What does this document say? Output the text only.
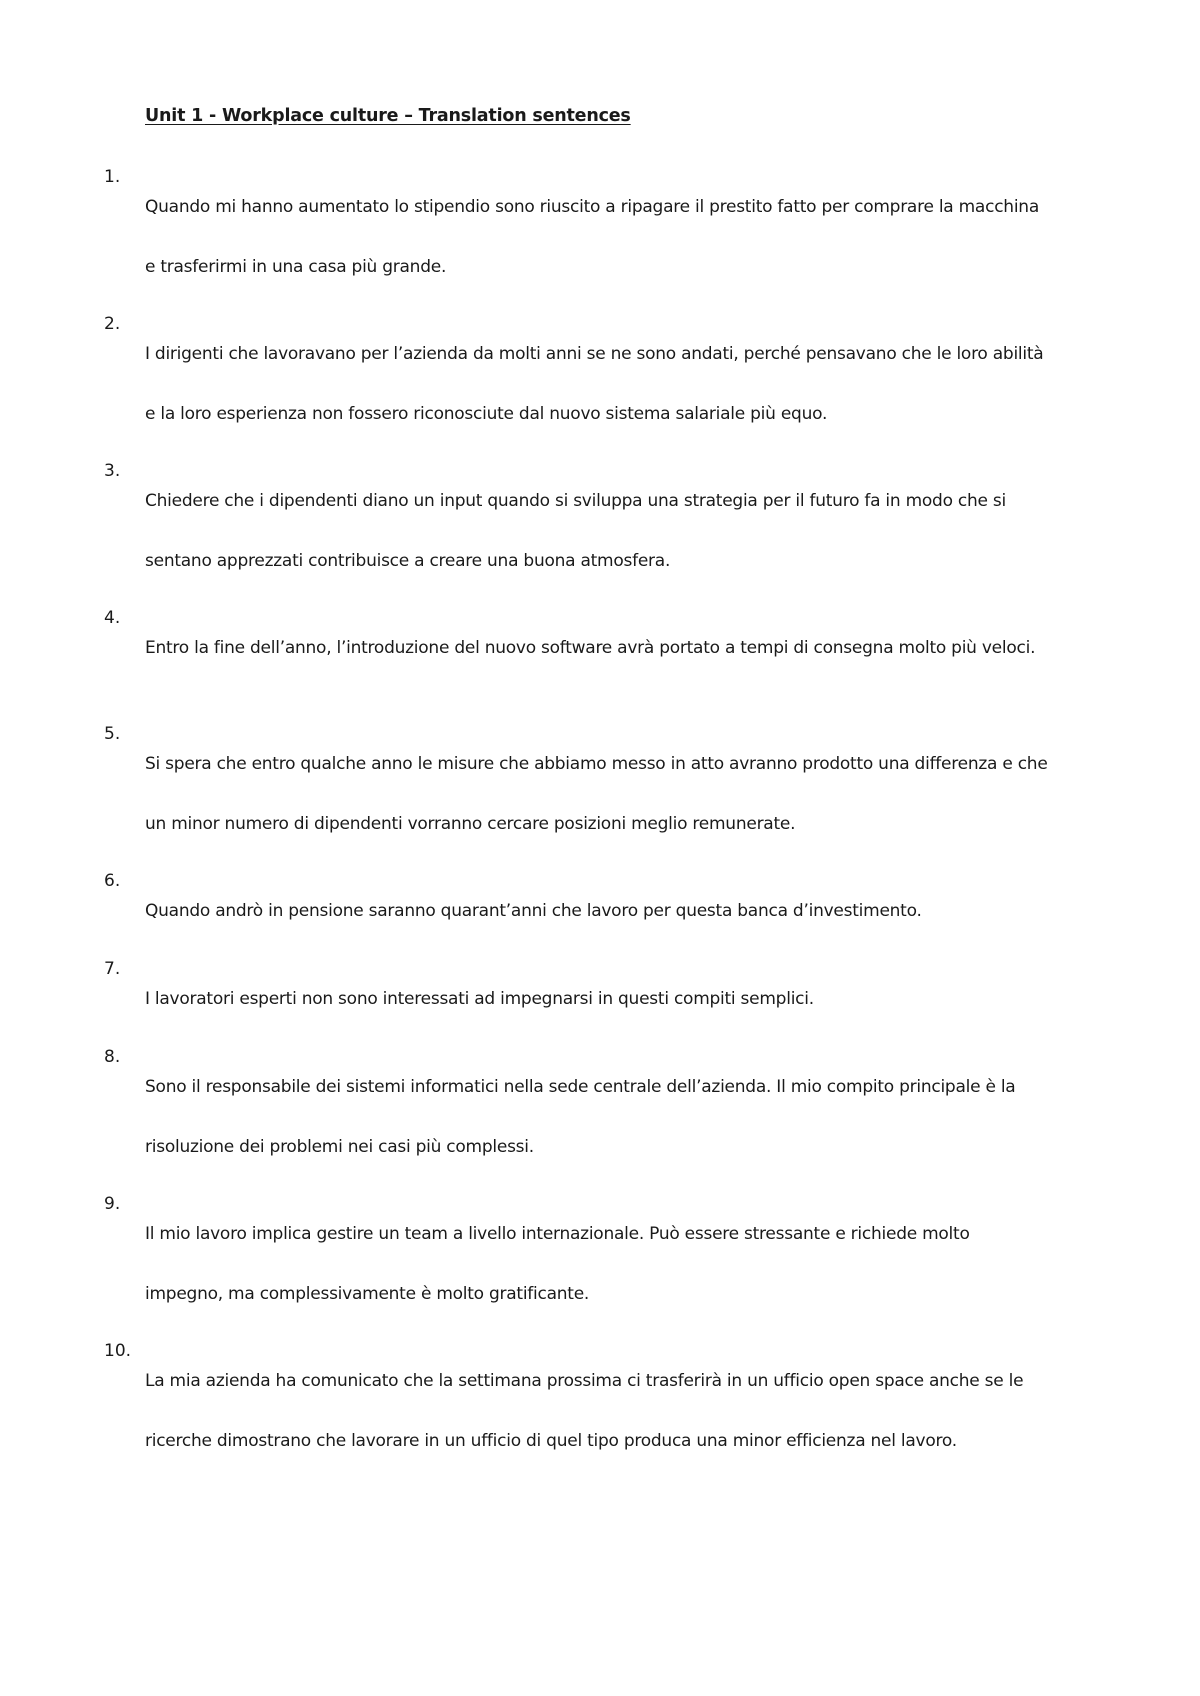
Unit 1 - Workplace culture – Translation sentences
1.

Quando mi hanno aumentato lo stipendio sono riuscito a ripagare il prestito fatto per comprare la macchina

e trasferirmi in una casa più grande.

2.

I dirigenti che lavoravano per l’azienda da molti anni se ne sono andati, perché pensavano che le loro abilità

e la loro esperienza non fossero riconosciute dal nuovo sistema salariale più equo.

3.

Chiedere che i dipendenti diano un input quando si sviluppa una strategia per il futuro fa in modo che si

sentano apprezzati contribuisce a creare una buona atmosfera.

4.

Entro la fine dell’anno, l’introduzione del nuovo software avrà portato a tempi di consegna molto più veloci.

5.

Si spera che entro qualche anno le misure che abbiamo messo in atto avranno prodotto una differenza e che

un minor numero di dipendenti vorranno cercare posizioni meglio remunerate.

6.

Quando andrò in pensione saranno quarant’anni che lavoro per questa banca d’investimento.

7.

I lavoratori esperti non sono interessati ad impegnarsi in questi compiti semplici.

8.

Sono il responsabile dei sistemi informatici nella sede centrale dell’azienda. Il mio compito principale è la

risoluzione dei problemi nei casi più complessi.

9.

Il mio lavoro implica gestire un team a livello internazionale. Può essere stressante e richiede molto

impegno, ma complessivamente è molto gratificante.

10.

La mia azienda ha comunicato che la settimana prossima ci trasferirà in un ufficio open space anche se le

ricerche dimostrano che lavorare in un ufficio di quel tipo produca una minor efficienza nel lavoro.
